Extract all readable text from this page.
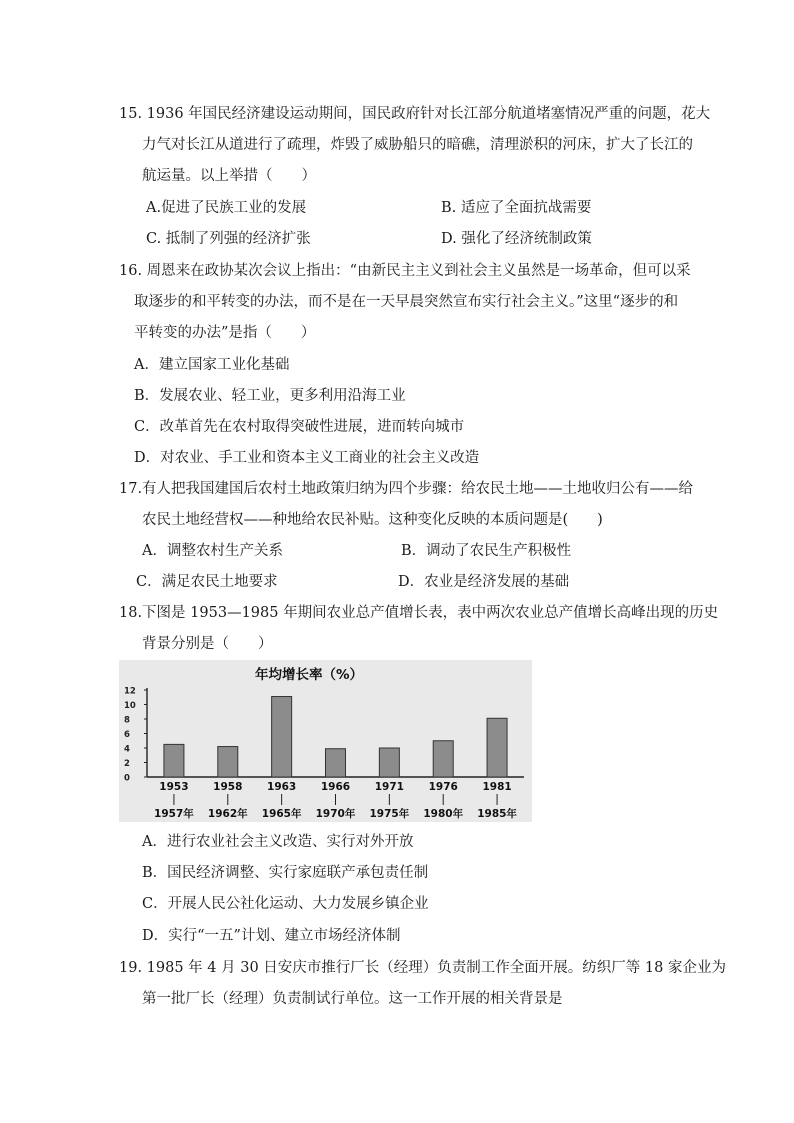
15. 1936 年国民经济建设运动期间，国民政府针对长江部分航道堵塞情况严重的问题，花大
力气对长江从道进行了疏理，炸毁了威胁船只的暗礁，清理淤积的河床，扩大了长江的
航运量。以上举措（　　）
A.促进了民族工业的发展	B. 适应了全面抗战需要
C. 抵制了列强的经济扩张	D. 强化了经济统制政策
16. 周恩来在政协某次会议上指出：“由新民主主义到社会主义虽然是一场革命，但可以采
取逐步的和平转变的办法，而不是在一天早晨突然宣布实行社会主义。”这里“逐步的和
平转变的办法”是指（　　）
A．建立国家工业化基础
B．发展农业、轻工业，更多利用沿海工业
C．改革首先在农村取得突破性进展，进而转向城市
D．对农业、手工业和资本主义工商业的社会主义改造
17.有人把我国建国后农村土地政策归纳为四个步骤：给农民土地——土地收归公有——给
农民土地经营权——种地给农民补贴。这种变化反映的本质问题是(　　)
A．调整农村生产关系	B．调动了农民生产积极性
C．满足农民土地要求	D．农业是经济发展的基础
18.下图是 1953—1985 年期间农业总产值增长表，表中两次农业总产值增长高峰出现的历史
背景分别是（　　）
年均增长率（%）
0
2
4
6
8
10
12
1953
1957年
1958
1962年
1963
1965年
1966
1970年
1971
1975年
1976
1980年
1981
1985年
A．进行农业社会主义改造、实行对外开放
B．国民经济调整、实行家庭联产承包责任制
C．开展人民公社化运动、大力发展乡镇企业
D．实行“一五”计划、建立市场经济体制
19. 1985 年 4 月 30 日安庆市推行厂长（经理）负责制工作全面开展。纺织厂等 18 家企业为
第一批厂长（经理）负责制试行单位。这一工作开展的相关背景是
